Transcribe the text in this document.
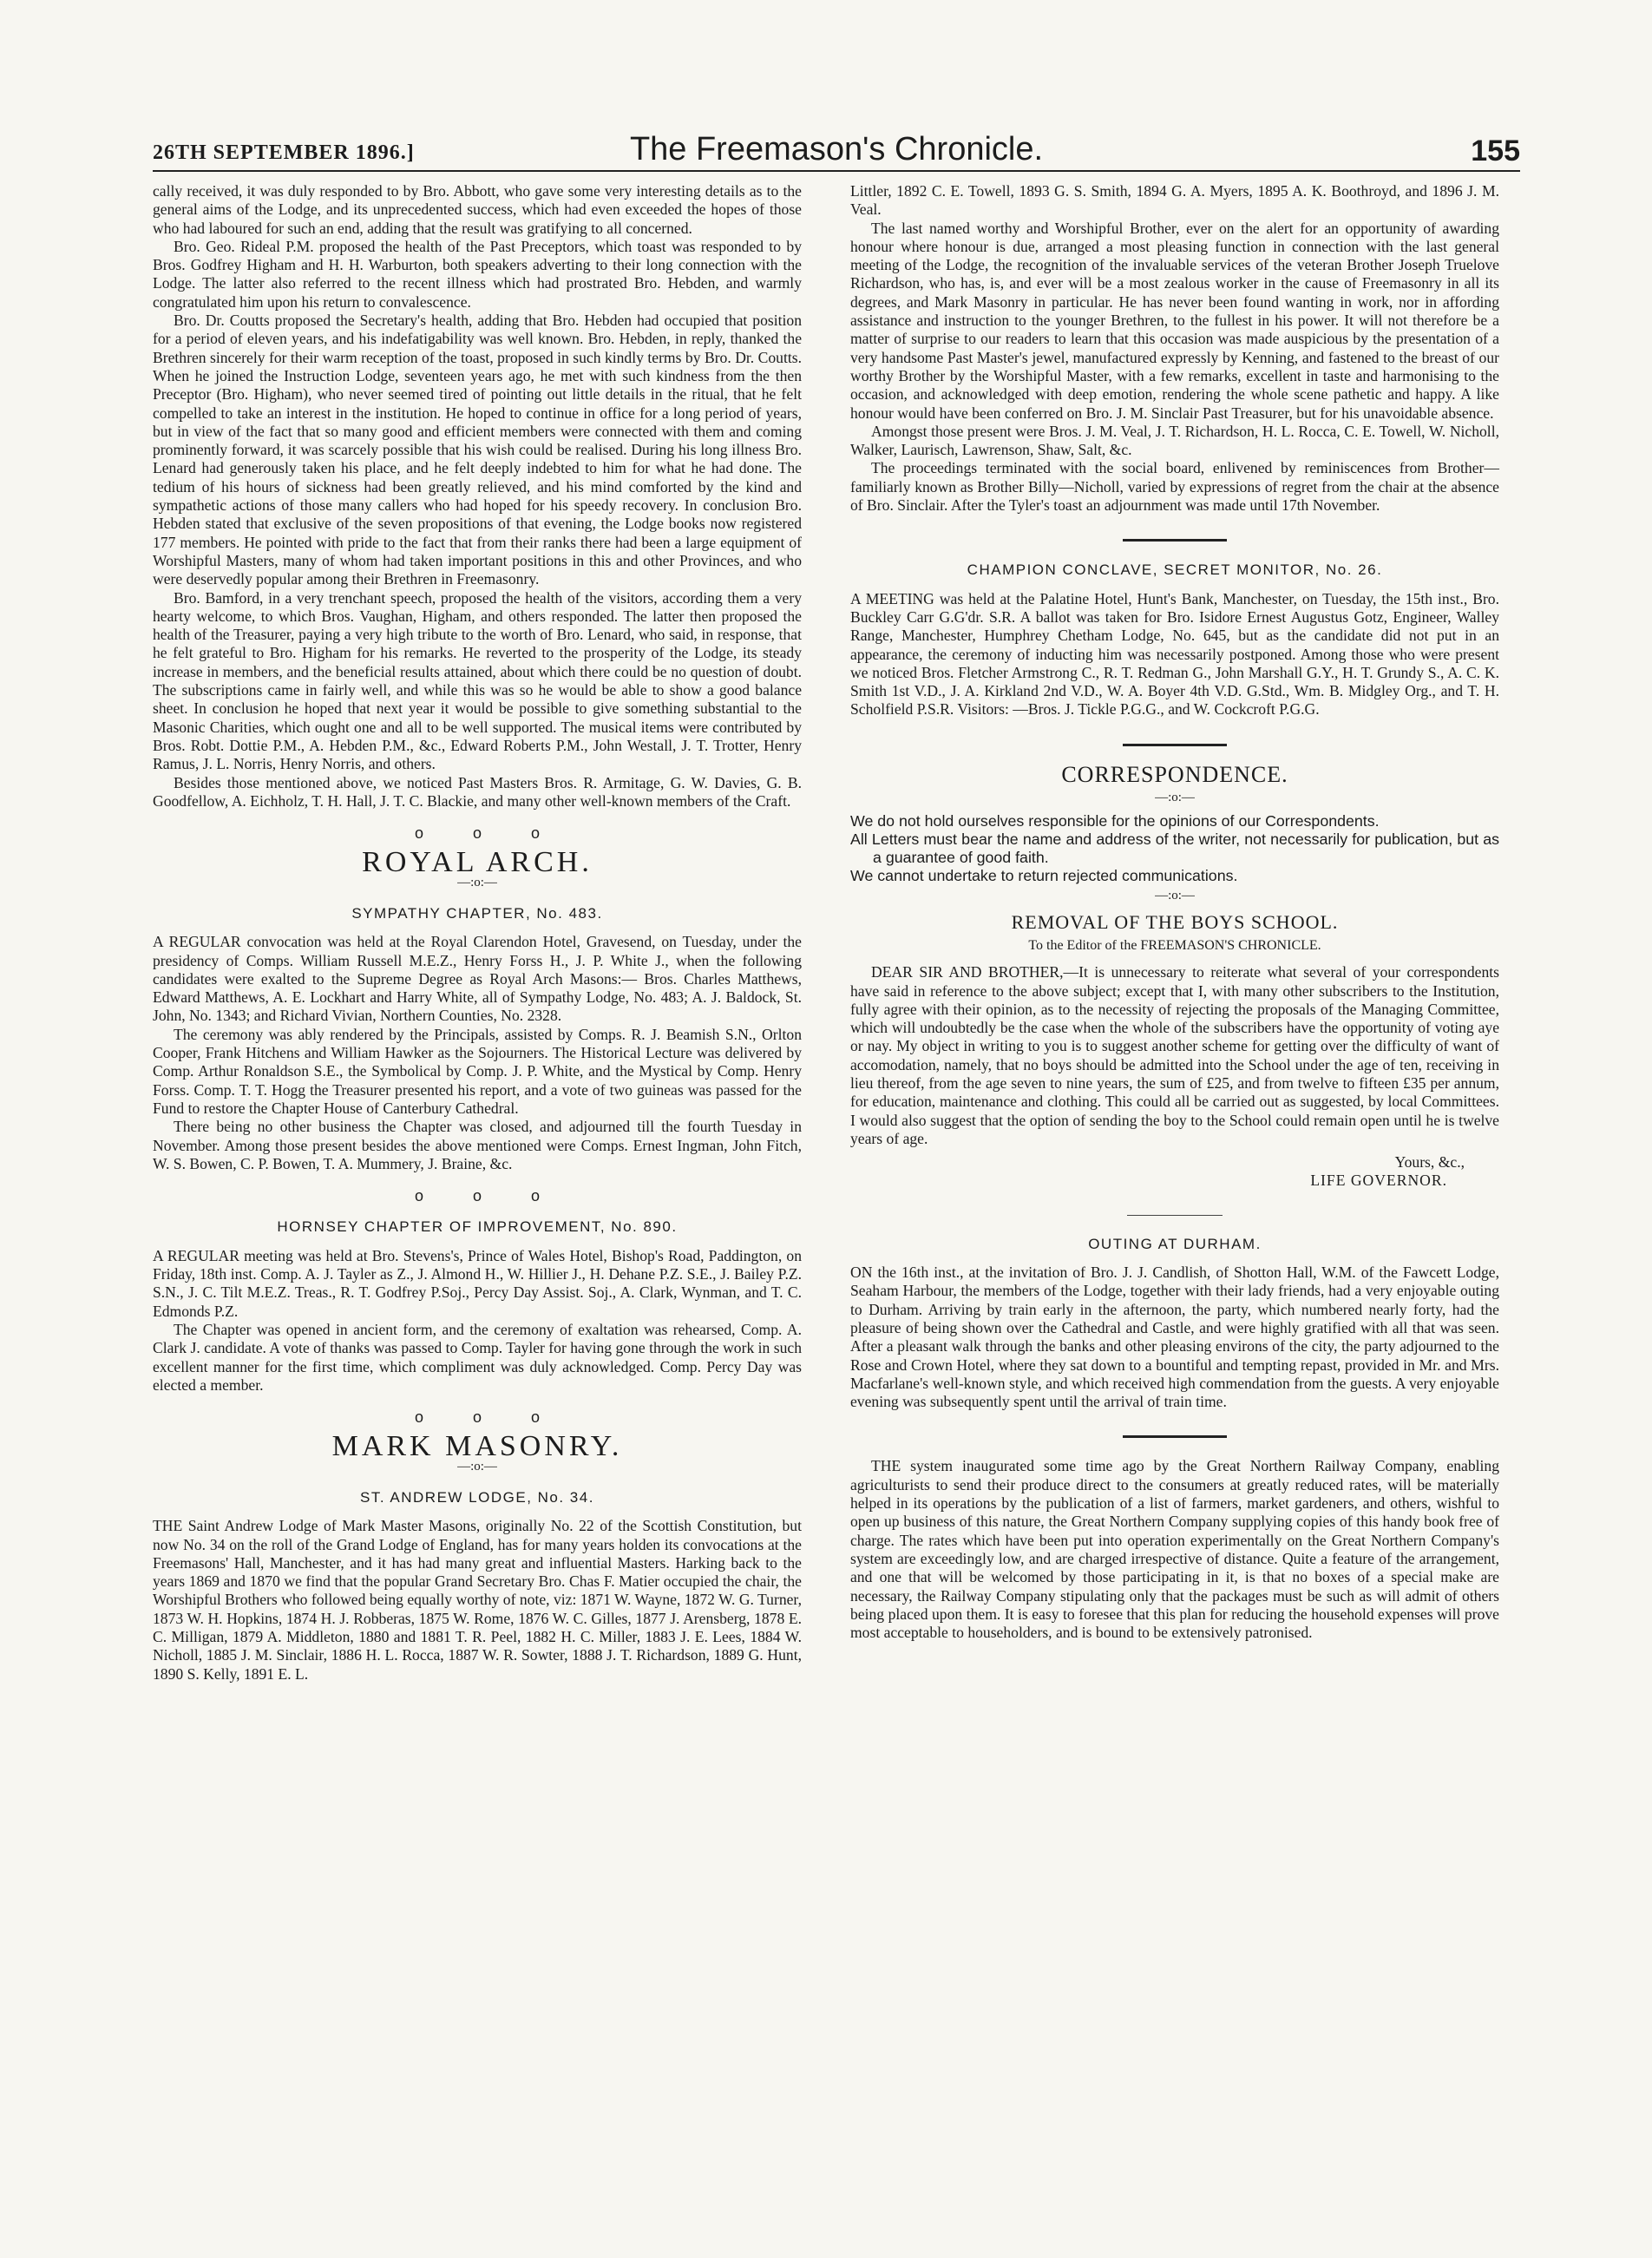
26TH SEPTEMBER 1896.]	The Freemason's Chronicle.	155

cally received, it was duly responded to by Bro. Abbott, who gave some very interesting details as to the general aims of the Lodge, and its unprecedented success, which had even exceeded the hopes of those who had laboured for such an end, adding that the result was gratifying to all concerned.

Bro. Geo. Rideal P.M. proposed the health of the Past Preceptors, which toast was responded to by Bros. Godfrey Higham and H. H. Warburton, both speakers adverting to their long connection with the Lodge. The latter also referred to the recent illness which had prostrated Bro. Hebden, and warmly congratulated him upon his return to convalescence.

Bro. Dr. Coutts proposed the Secretary's health, adding that Bro. Hebden had occupied that position for a period of eleven years, and his indefatigability was well known. Bro. Hebden, in reply, thanked the Brethren sincerely for their warm reception of the toast, proposed in such kindly terms by Bro. Dr. Coutts. When he joined the Instruction Lodge, seventeen years ago, he met with such kindness from the then Preceptor (Bro. Higham), who never seemed tired of pointing out little details in the ritual, that he felt compelled to take an interest in the institution. He hoped to continue in office for a long period of years, but in view of the fact that so many good and efficient members were connected with them and coming prominently forward, it was scarcely possible that his wish could be realised. During his long illness Bro. Lenard had generously taken his place, and he felt deeply indebted to him for what he had done. The tedium of his hours of sickness had been greatly relieved, and his mind comforted by the kind and sympathetic actions of those many callers who had hoped for his speedy recovery. In conclusion Bro. Hebden stated that exclusive of the seven propositions of that evening, the Lodge books now registered 177 members. He pointed with pride to the fact that from their ranks there had been a large equipment of Worshipful Masters, many of whom had taken important positions in this and other Provinces, and who were deservedly popular among their Brethren in Freemasonry.

Bro. Bamford, in a very trenchant speech, proposed the health of the visitors, according them a very hearty welcome, to which Bros. Vaughan, Higham, and others responded. The latter then proposed the health of the Treasurer, paying a very high tribute to the worth of Bro. Lenard, who said, in response, that he felt grateful to Bro. Higham for his remarks. He reverted to the prosperity of the Lodge, its steady increase in members, and the beneficial results attained, about which there could be no question of doubt. The subscriptions came in fairly well, and while this was so he would be able to show a good balance sheet. In conclusion he hoped that next year it would be possible to give something substantial to the Masonic Charities, which ought one and all to be well supported. The musical items were contributed by Bros. Robt. Dottie P.M., A. Hebden P.M., &c., Edward Roberts P.M., John Westall, J. T. Trotter, Henry Ramus, J. L. Norris, Henry Norris, and others.

Besides those mentioned above, we noticed Past Masters Bros. R. Armitage, G. W. Davies, G. B. Goodfellow, A. Eichholz, T. H. Hall, J. T. C. Blackie, and many other well-known members of the Craft.

o o o
ROYAL ARCH.
—:o:—
SYMPATHY CHAPTER, No. 483.

A REGULAR convocation was held at the Royal Clarendon Hotel, Gravesend, on Tuesday, under the presidency of Comps. William Russell M.E.Z., Henry Forss H., J. P. White J., when the following candidates were exalted to the Supreme Degree as Royal Arch Masons:— Bros. Charles Matthews, Edward Matthews, A. E. Lockhart and Harry White, all of Sympathy Lodge, No. 483; A. J. Baldock, St. John, No. 1343; and Richard Vivian, Northern Counties, No. 2328.

The ceremony was ably rendered by the Principals, assisted by Comps. R. J. Beamish S.N., Orlton Cooper, Frank Hitchens and William Hawker as the Sojourners. The Historical Lecture was delivered by Comp. Arthur Ronaldson S.E., the Symbolical by Comp. J. P. White, and the Mystical by Comp. Henry Forss. Comp. T. T. Hogg the Treasurer presented his report, and a vote of two guineas was passed for the Fund to restore the Chapter House of Canterbury Cathedral.

There being no other business the Chapter was closed, and adjourned till the fourth Tuesday in November. Among those present besides the above mentioned were Comps. Ernest Ingman, John Fitch, W. S. Bowen, C. P. Bowen, T. A. Mummery, J. Braine, &c.

o o o
HORNSEY CHAPTER OF IMPROVEMENT, No. 890.

A REGULAR meeting was held at Bro. Stevens's, Prince of Wales Hotel, Bishop's Road, Paddington, on Friday, 18th inst. Comp. A. J. Tayler as Z., J. Almond H., W. Hillier J., H. Dehane P.Z. S.E., J. Bailey P.Z. S.N., J. C. Tilt M.E.Z. Treas., R. T. Godfrey P.Soj., Percy Day Assist. Soj., A. Clark, Wynman, and T. C. Edmonds P.Z.

The Chapter was opened in ancient form, and the ceremony of exaltation was rehearsed, Comp. A. Clark J. candidate. A vote of thanks was passed to Comp. Tayler for having gone through the work in such excellent manner for the first time, which compliment was duly acknowledged. Comp. Percy Day was elected a member.

o o o
MARK MASONRY.
—:o:—
ST. ANDREW LODGE, No. 34.

THE Saint Andrew Lodge of Mark Master Masons, originally No. 22 of the Scottish Constitution, but now No. 34 on the roll of the Grand Lodge of England, has for many years holden its convocations at the Freemasons' Hall, Manchester, and it has had many great and influential Masters. Harking back to the years 1869 and 1870 we find that the popular Grand Secretary Bro. Chas F. Matier occupied the chair, the Worshipful Brothers who followed being equally worthy of note, viz: 1871 W. Wayne, 1872 W. G. Turner, 1873 W. H. Hopkins, 1874 H. J. Robberas, 1875 W. Rome, 1876 W. C. Gilles, 1877 J. Arensberg, 1878 E. C. Milligan, 1879 A. Middleton, 1880 and 1881 T. R. Peel, 1882 H. C. Miller, 1883 J. E. Lees, 1884 W. Nicholl, 1885 J. M. Sinclair, 1886 H. L. Rocca, 1887 W. R. Sowter, 1888 J. T. Richardson, 1889 G. Hunt, 1890 S. Kelly, 1891 E. L.

Littler, 1892 C. E. Towell, 1893 G. S. Smith, 1894 G. A. Myers, 1895 A. K. Boothroyd, and 1896 J. M. Veal.

The last named worthy and Worshipful Brother, ever on the alert for an opportunity of awarding honour where honour is due, arranged a most pleasing function in connection with the last general meeting of the Lodge, the recognition of the invaluable services of the veteran Brother Joseph Truelove Richardson, who has, is, and ever will be a most zealous worker in the cause of Freemasonry in all its degrees, and Mark Masonry in particular. He has never been found wanting in work, nor in affording assistance and instruction to the younger Brethren, to the fullest in his power. It will not therefore be a matter of surprise to our readers to learn that this occasion was made auspicious by the presentation of a very handsome Past Master's jewel, manufactured expressly by Kenning, and fastened to the breast of our worthy Brother by the Worshipful Master, with a few remarks, excellent in taste and harmonising to the occasion, and acknowledged with deep emotion, rendering the whole scene pathetic and happy. A like honour would have been conferred on Bro. J. M. Sinclair Past Treasurer, but for his unavoidable absence.

Amongst those present were Bros. J. M. Veal, J. T. Richardson, H. L. Rocca, C. E. Towell, W. Nicholl, Walker, Laurisch, Lawrenson, Shaw, Salt, &c.

The proceedings terminated with the social board, enlivened by reminiscences from Brother—familiarly known as Brother Billy—Nicholl, varied by expressions of regret from the chair at the absence of Bro. Sinclair. After the Tyler's toast an adjournment was made until 17th November.

CHAMPION CONCLAVE, SECRET MONITOR, No. 26.

A MEETING was held at the Palatine Hotel, Hunt's Bank, Manchester, on Tuesday, the 15th inst., Bro. Buckley Carr G.G'dr. S.R. A ballot was taken for Bro. Isidore Ernest Augustus Gotz, Engineer, Walley Range, Manchester, Humphrey Chetham Lodge, No. 645, but as the candidate did not put in an appearance, the ceremony of inducting him was necessarily postponed. Among those who were present we noticed Bros. Fletcher Armstrong C., R. T. Redman G., John Marshall G.Y., H. T. Grundy S., A. C. K. Smith 1st V.D., J. A. Kirkland 2nd V.D., W. A. Boyer 4th V.D. G.Std., Wm. B. Midgley Org., and T. H. Scholfield P.S.R. Visitors: —Bros. J. Tickle P.G.G., and W. Cockcroft P.G.G.

CORRESPONDENCE.
—:o:—

We do not hold ourselves responsible for the opinions of our Correspondents.

All Letters must bear the name and address of the writer, not necessarily for publication, but as a guarantee of good faith.

We cannot undertake to return rejected communications.

—:o:—
REMOVAL OF THE BOYS SCHOOL.
To the Editor of the FREEMASON'S CHRONICLE.

DEAR SIR AND BROTHER,—It is unnecessary to reiterate what several of your correspondents have said in reference to the above subject; except that I, with many other subscribers to the Institution, fully agree with their opinion, as to the necessity of rejecting the proposals of the Managing Committee, which will undoubtedly be the case when the whole of the subscribers have the opportunity of voting aye or nay. My object in writing to you is to suggest another scheme for getting over the difficulty of want of accomodation, namely, that no boys should be admitted into the School under the age of ten, receiving in lieu thereof, from the age seven to nine years, the sum of £25, and from twelve to fifteen £35 per annum, for education, maintenance and clothing. This could all be carried out as suggested, by local Committees. I would also suggest that the option of sending the boy to the School could remain open until he is twelve years of age.

Yours, &c.,
LIFE GOVERNOR.
OUTING AT DURHAM.

ON the 16th inst., at the invitation of Bro. J. J. Candlish, of Shotton Hall, W.M. of the Fawcett Lodge, Seaham Harbour, the members of the Lodge, together with their lady friends, had a very enjoyable outing to Durham. Arriving by train early in the afternoon, the party, which numbered nearly forty, had the pleasure of being shown over the Cathedral and Castle, and were highly gratified with all that was seen. After a pleasant walk through the banks and other pleasing environs of the city, the party adjourned to the Rose and Crown Hotel, where they sat down to a bountiful and tempting repast, provided in Mr. and Mrs. Macfarlane's well-known style, and which received high commendation from the guests. A very enjoyable evening was subsequently spent until the arrival of train time.

THE system inaugurated some time ago by the Great Northern Railway Company, enabling agriculturists to send their produce direct to the consumers at greatly reduced rates, will be materially helped in its operations by the publication of a list of farmers, market gardeners, and others, wishful to open up business of this nature, the Great Northern Company supplying copies of this handy book free of charge. The rates which have been put into operation experimentally on the Great Northern Company's system are exceedingly low, and are charged irrespective of distance. Quite a feature of the arrangement, and one that will be welcomed by those participating in it, is that no boxes of a special make are necessary, the Railway Company stipulating only that the packages must be such as will admit of others being placed upon them. It is easy to foresee that this plan for reducing the household expenses will prove most acceptable to householders, and is bound to be extensively patronised.
